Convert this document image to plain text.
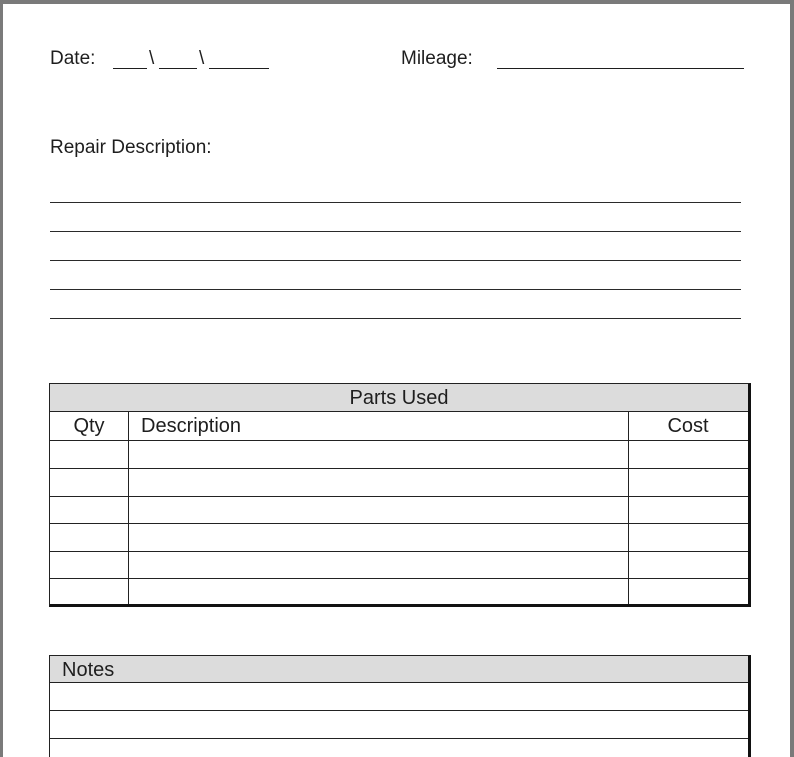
Date:	\ \	Mileage:
Repair Description:
Parts Used
Qty	Description	Cost
Notes
